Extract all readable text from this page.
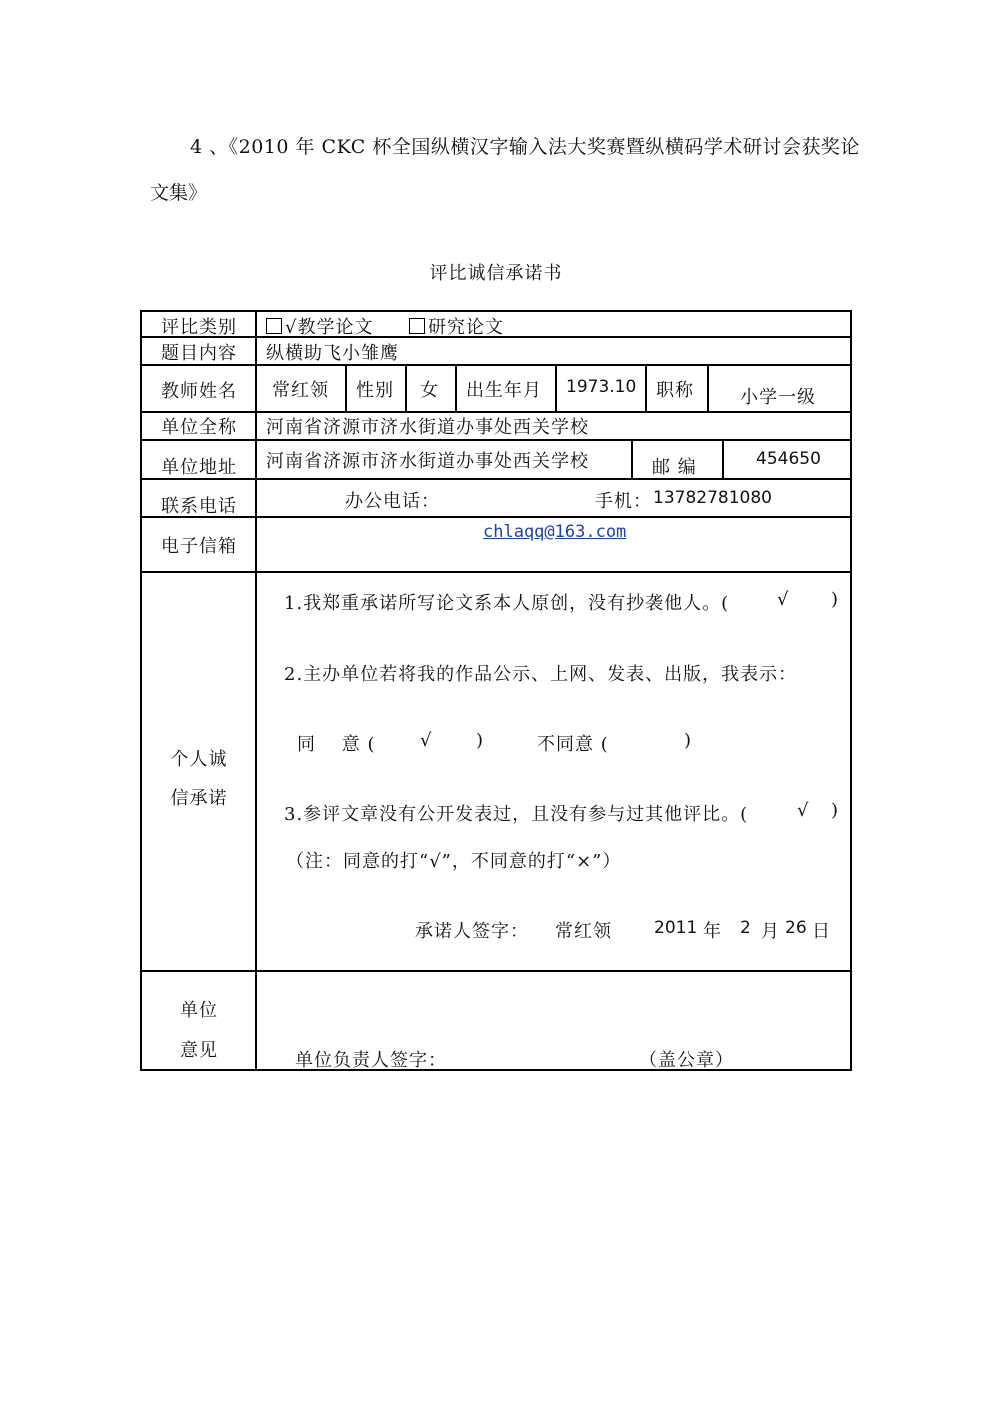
4 、《2010 年 CKC 杯全国纵横汉字输入法大奖赛暨纵横码学术研讨会获奖论
文集》
评比诚信承诺书
评比类别	√教学论文	研究论文
题目内容	纵横助飞小雏鹰
教师姓名	常红领 性别 女 出生年月 1973.10 职称	小学一级
单位全称	河南省济源市济水街道办事处西关学校
单位地址	河南省济源市济水街道办事处西关学校	邮 编	454650
联系电话	办公电话：	手机： 13782781080
电子信箱
chlaqq@163.com
个人诚
信承诺
1.我郑重承诺所写论文系本人原创，没有抄袭他人。(	√ )
2.主办单位若将我的作品公示、上网、发表、出版，我表示：
同　 意 ( √ )	不同意 (	)
3.参评文章没有公开发表过，且没有参与过其他评比。(	√ )
（注：同意的打“√”，不同意的打“×”）
承诺人签字： 常红领 2011 年 2 月 26 日
单位
意见	单位负责人签字：	（盖公章）
